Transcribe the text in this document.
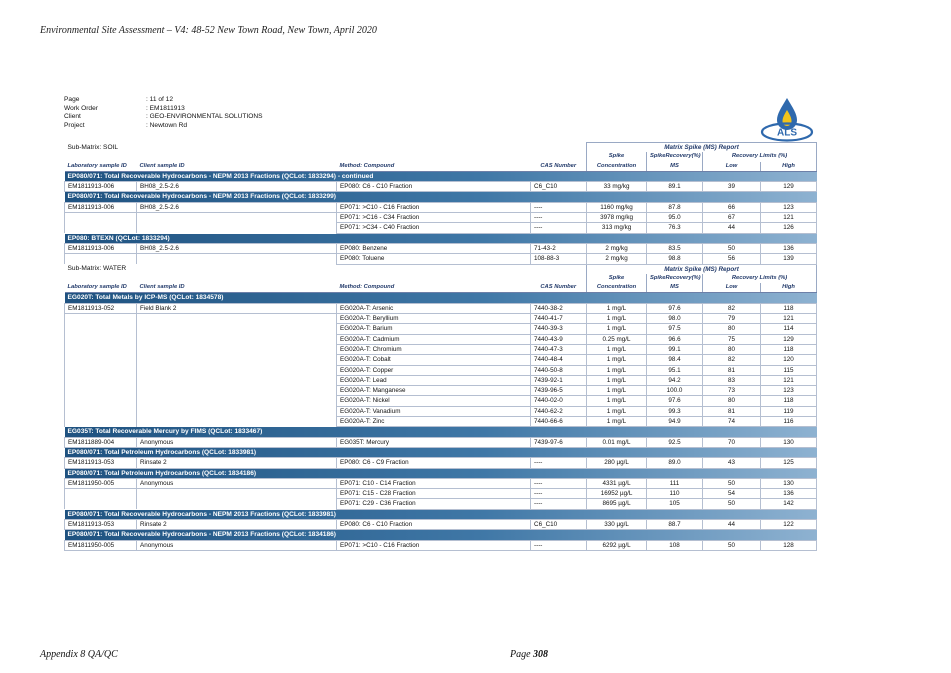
Environmental Site Assessment – V4: 48-52 New Town Road, New Town, April 2020
Page	: 11 of 12
Work Order	: EM1811913
Client	: GEO-ENVIRONMENTAL SOLUTIONS
Project	: Newtown Rd
ALS
Sub-Matrix: SOIL				Matrix Spike (MS) Report			
				Spike	SpikeRecovery(%)	Recovery Limits (%)	
Laboratory sample ID	Client sample ID	Method: Compound	CAS Number	Concentration	MS	Low	High
EP080/071: Total Recoverable Hydrocarbons - NEPM 2013 Fractions (QCLot: 1833294) - continued							
EM1811913-006	BH08_2.5-2.6	EP080: C6 - C10 Fraction	C6_C10	33 mg/kg	89.1	39	129
EP080/071: Total Recoverable Hydrocarbons - NEPM 2013 Fractions (QCLot: 1833299)							
EM1811913-006	BH08_2.5-2.6	EP071: >C10 - C16 Fraction	----	1160 mg/kg	87.8	66	123
		EP071: >C16 - C34 Fraction	----	3978 mg/kg	95.0	67	121
		EP071: >C34 - C40 Fraction	----	313 mg/kg	76.3	44	126
EP080: BTEXN (QCLot: 1833294)							
EM1811913-006	BH08_2.5-2.6	EP080: Benzene	71-43-2	2 mg/kg	83.5	50	136
		EP080: Toluene	108-88-3	2 mg/kg	98.8	56	139
Sub-Matrix: WATER				Matrix Spike (MS) Report			
				Spike	SpikeRecovery(%)	Recovery Limits (%)	
Laboratory sample ID	Client sample ID	Method: Compound	CAS Number	Concentration	MS	Low	High
EG020T: Total Metals by ICP-MS (QCLot: 1834578)							
EM1811913-052	Field Blank 2	EG020A-T: Arsenic	7440-38-2	1 mg/L	97.6	82	118
		EG020A-T: Beryllium	7440-41-7	1 mg/L	98.0	79	121
		EG020A-T: Barium	7440-39-3	1 mg/L	97.5	80	114
		EG020A-T: Cadmium	7440-43-9	0.25 mg/L	96.6	75	129
		EG020A-T: Chromium	7440-47-3	1 mg/L	99.1	80	118
		EG020A-T: Cobalt	7440-48-4	1 mg/L	98.4	82	120
		EG020A-T: Copper	7440-50-8	1 mg/L	95.1	81	115
		EG020A-T: Lead	7439-92-1	1 mg/L	94.2	83	121
		EG020A-T: Manganese	7439-96-5	1 mg/L	100.0	73	123
		EG020A-T: Nickel	7440-02-0	1 mg/L	97.6	80	118
		EG020A-T: Vanadium	7440-62-2	1 mg/L	99.3	81	119
		EG020A-T: Zinc	7440-66-6	1 mg/L	94.9	74	116
EG035T: Total Recoverable Mercury by FIMS (QCLot: 1833467)							
EM1811889-004	Anonymous	EG035T: Mercury	7439-97-6	0.01 mg/L	92.5	70	130
EP080/071: Total Petroleum Hydrocarbons (QCLot: 1833981)							
EM1811913-053	Rinsate 2	EP080: C6 - C9 Fraction	----	280 µg/L	89.0	43	125
EP080/071: Total Petroleum Hydrocarbons (QCLot: 1834186)							
EM1811950-005	Anonymous	EP071: C10 - C14 Fraction	----	4331 µg/L	111	50	130
		EP071: C15 - C28 Fraction	----	16952 µg/L	110	54	136
		EP071: C29 - C36 Fraction	----	8695 µg/L	105	50	142
EP080/071: Total Recoverable Hydrocarbons - NEPM 2013 Fractions (QCLot: 1833981)							
EM1811913-053	Rinsate 2	EP080: C6 - C10 Fraction	C6_C10	330 µg/L	88.7	44	122
EP080/071: Total Recoverable Hydrocarbons - NEPM 2013 Fractions (QCLot: 1834186)							
EM1811950-005	Anonymous	EP071: >C10 - C16 Fraction	----	6292 µg/L	108	50	128
Appendix 8 QA/QC	Page 308
